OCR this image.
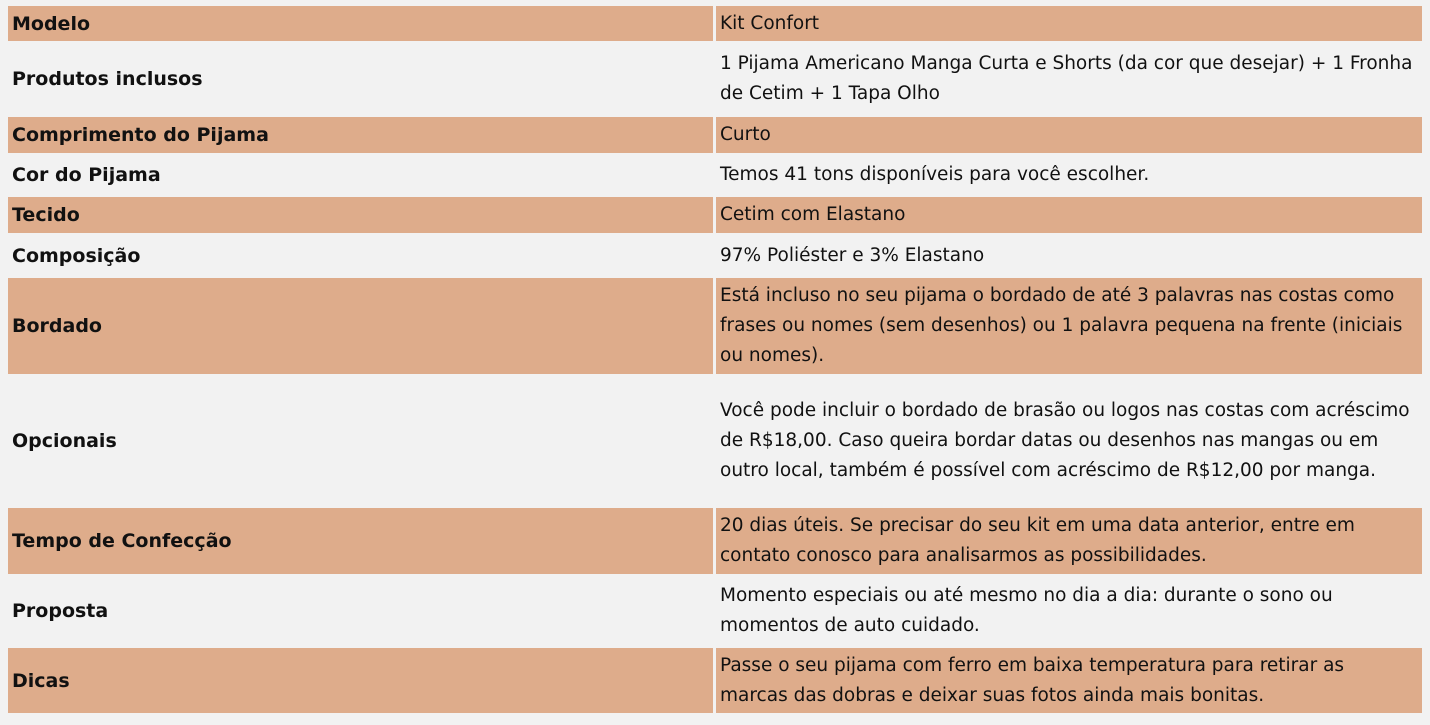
Modelo	Kit Confort
Produtos inclusos	1 Pijama Americano Manga Curta e Shorts (da cor que desejar) + 1 Fronha de Cetim + 1 Tapa Olho
Comprimento do Pijama	Curto
Cor do Pijama	Temos 41 tons disponíveis para você escolher.
Tecido	Cetim com Elastano
Composição	97% Poliéster e 3% Elastano
Bordado	Está incluso no seu pijama o bordado de até 3 palavras nas costas como frases ou nomes (sem desenhos) ou 1 palavra pequena na frente (iniciais ou nomes).
Opcionais	Você pode incluir o bordado de brasão ou logos nas costas com acréscimo de R$18,00. Caso queira bordar datas ou desenhos nas mangas ou em outro local, também é possível com acréscimo de R$12,00 por manga.
Tempo de Confecção	20 dias úteis. Se precisar do seu kit em uma data anterior, entre em contato conosco para analisarmos as possibilidades.
Proposta	Momento especiais ou até mesmo no dia a dia: durante o sono ou momentos de auto cuidado.
Dicas	Passe o seu pijama com ferro em baixa temperatura para retirar as marcas das dobras e deixar suas fotos ainda mais bonitas.
